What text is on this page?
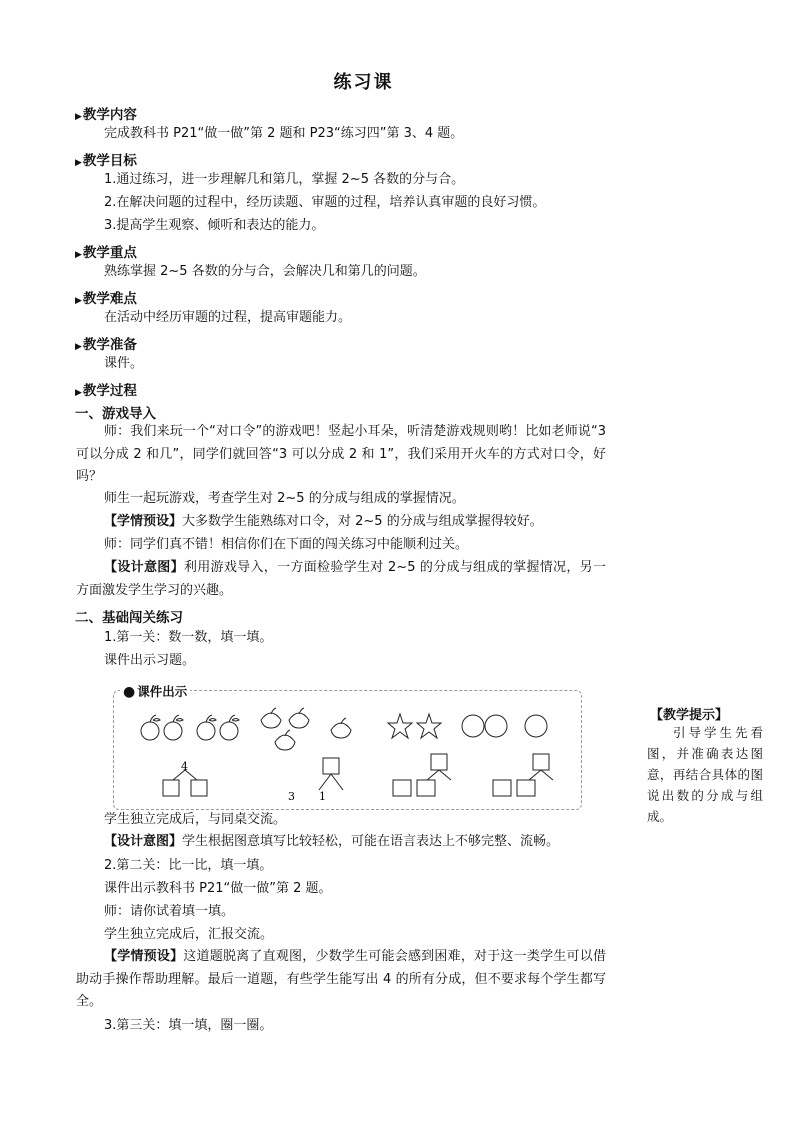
练习课
▶教学内容
完成教科书 P21“做一做”第 2 题和 P23“练习四”第 3、4 题。
▶教学目标
1.通过练习，进一步理解几和第几，掌握 2~5 各数的分与合。
2.在解决问题的过程中，经历读题、审题的过程，培养认真审题的良好习惯。
3.提高学生观察、倾听和表达的能力。
▶教学重点
熟练掌握 2~5 各数的分与合，会解决几和第几的问题。
▶教学难点
在活动中经历审题的过程，提高审题能力。
▶教学准备
课件。
▶教学过程
一、游戏导入
师：我们来玩一个“对口令”的游戏吧！竖起小耳朵，听清楚游戏规则哟！比如老师说“3 可以分成 2 和几”，同学们就回答“3 可以分成 2 和 1”，我们采用开火车的方式对口令，好吗？
师生一起玩游戏，考查学生对 2~5 的分成与组成的掌握情况。
【学情预设】大多数学生能熟练对口令，对 2~5 的分成与组成掌握得较好。
师：同学们真不错！相信你们在下面的闯关练习中能顺利过关。
【设计意图】利用游戏导入，一方面检验学生对 2~5 的分成与组成的掌握情况，另一方面激发学生学习的兴趣。
二、基础闯关练习
1.第一关：数一数，填一填。
课件出示习题。
4
3 1
● 课件出示
学生独立完成后，与同桌交流。
【设计意图】学生根据图意填写比较轻松，可能在语言表达上不够完整、流畅。
2.第二关：比一比，填一填。
课件出示教科书 P21“做一做”第 2 题。
师：请你试着填一填。
学生独立完成后，汇报交流。
【学情预设】这道题脱离了直观图，少数学生可能会感到困难，对于这一类学生可以借助动手操作帮助理解。最后一道题，有些学生能写出 4 的所有分成，但不要求每个学生都写全。
3.第三关：填一填，圈一圈。
【教学提示】
引导学生先看图，并准确表达图意，再结合具体的图说出数的分成与组成。
